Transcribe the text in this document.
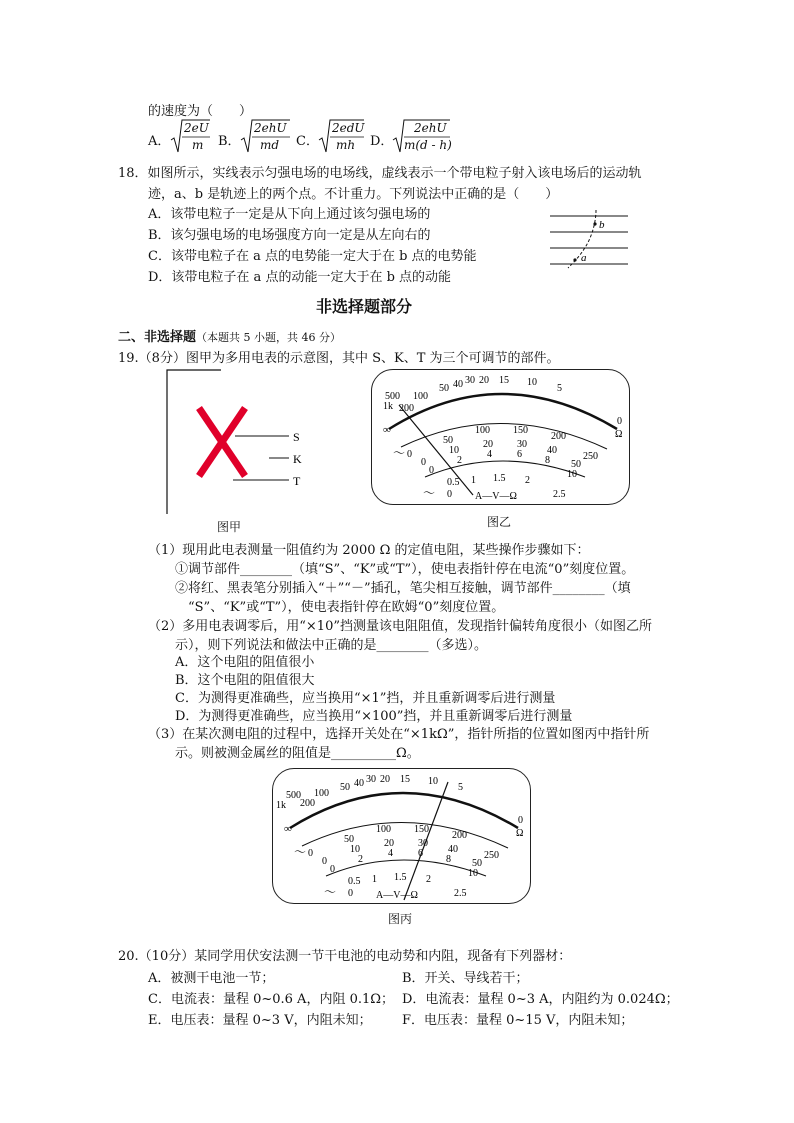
的速度为（　　）
A．
2eU
m B．
2ehU
md C．
2edU
mh D．
2ehU
m(d - h)
18．如图所示，实线表示匀强电场的电场线，虚线表示一个带电粒子射入该电场后的运动轨
迹，a、b 是轨迹上的两个点。不计重力。下列说法中正确的是（　　）
A．该带电粒子一定是从下向上通过该匀强电场的
B．该匀强电场的电场强度方向一定是从左向右的
C．该带电粒子在 a 点的电势能一定大于在 b 点的电势能
D．该带电粒子在 a 点的动能一定大于在 b 点的动能
b
a
非选择题部分
二、非选择题（本题共 5 小题，共 46 分）
19.（8分）图甲为多用电表的示意图，其中 S、K、T 为三个可调节的部件。
S
K
T
图甲
∞
1k
500
200
100
50 40 30 20 15 10
5
0
Ω
～ 0
50
100 150
200
250
0
10
20 30
40
50
0
2
4	6
8
10
～ 0
0.5 1 1.5 2
2.5
A—V—Ω
图乙
（1）现用此电表测量一阻值约为 2000 Ω 的定值电阻，某些操作步骤如下：
①调节部件________（填“S”、“K”或“T”），使电表指针停在电流“0”刻度位置。
②将红、黑表笔分别插入“＋”“－”插孔，笔尖相互接触，调节部件________（填
“S”、“K”或“T”），使电表指针停在欧姆“0”刻度位置。
（2）多用电表调零后，用“×10”挡测量该电阻阻值，发现指针偏转角度很小（如图乙所
示），则下列说法和做法中正确的是________（多选）。
A．这个电阻的阻值很小
B．这个电阻的阻值很大
C．为测得更准确些，应当换用“×1”挡，并且重新调零后进行测量
D．为测得更准确些，应当换用“×100”挡，并且重新调零后进行测量
（3）在某次测电阻的过程中，选择开关处在“×1kΩ”，指针所指的位置如图丙中指针所
示。则被测金属丝的阻值是__________Ω。
∞
1k
500
200
100
50 40 30 20 15 10
5
0
Ω
～ 0
50
100 150
200
250
0
10
20 30
40
50
0
2
4	6
8
10
～ 0
0.5 1 1.5 2
2.5
A—V—Ω
图丙
20.（10分）某同学用伏安法测一节干电池的电动势和内阻，现备有下列器材：
A．被测干电池一节；	B．开关、导线若干；
C．电流表：量程 0~0.6 A，内阻 0.1Ω； D．电流表：量程 0~3 A，内阻约为 0.024Ω；
E．电压表：量程 0~3 V，内阻未知； F．电压表：量程 0~15 V，内阻未知；
